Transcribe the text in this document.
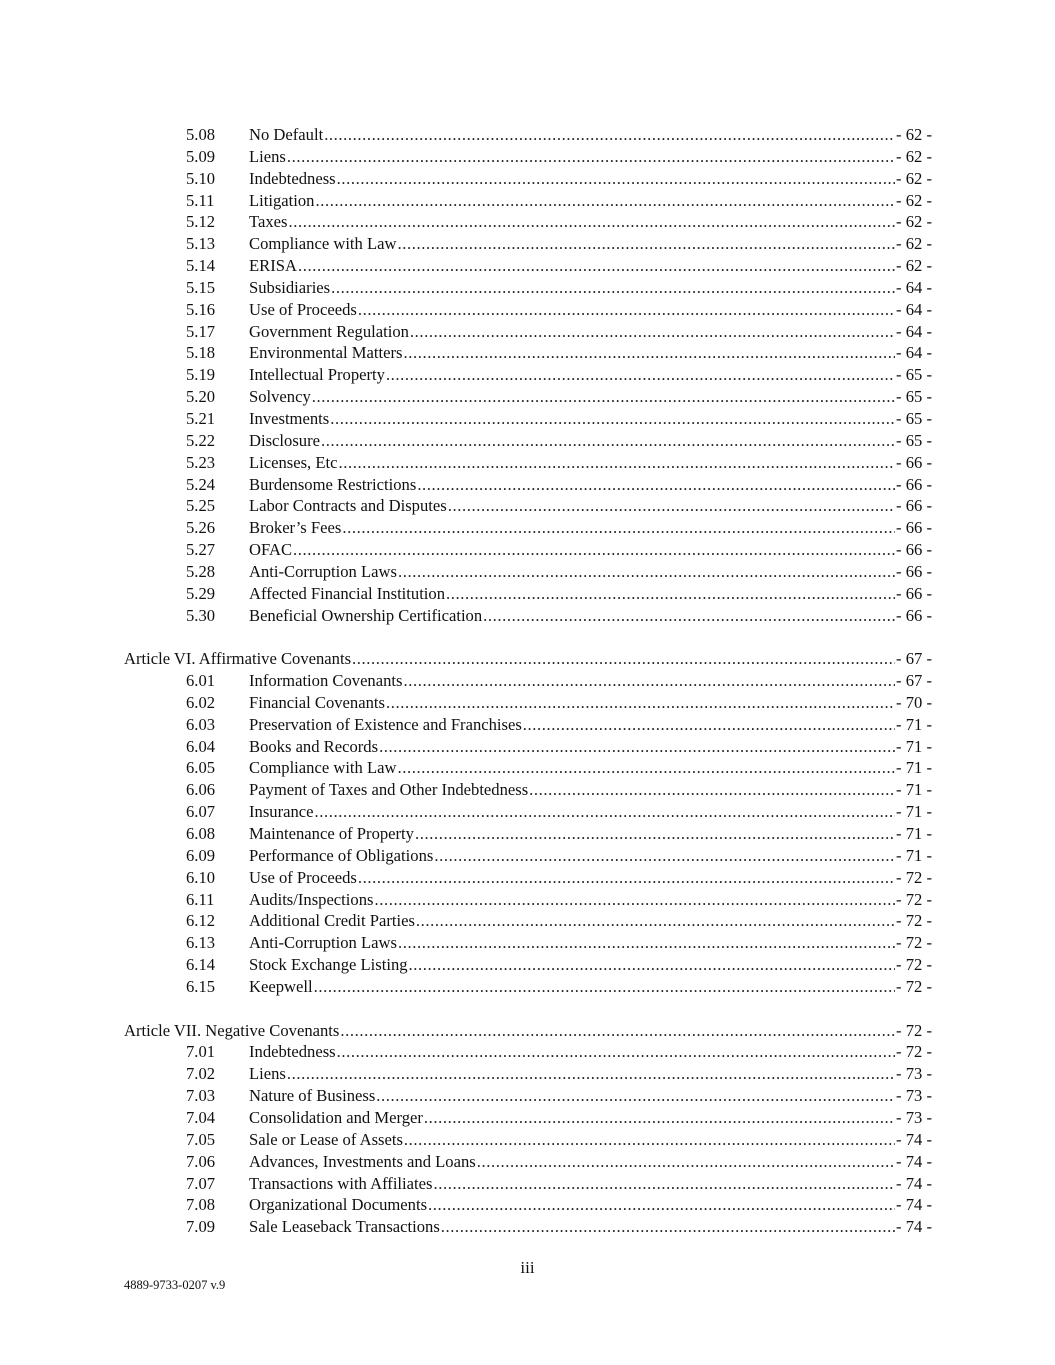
5.08 No Default .....	- 62 -
5.09 Liens .....	- 62 -
5.10 Indebtedness .....	- 62 -
5.11 Litigation .....	- 62 -
5.12 Taxes .....	- 62 -
5.13 Compliance with Law .....	- 62 -
5.14 ERISA .....	- 62 -
5.15 Subsidiaries .....	- 64 -
5.16 Use of Proceeds .....	- 64 -
5.17 Government Regulation .....	- 64 -
5.18 Environmental Matters .....	- 64 -
5.19 Intellectual Property .....	- 65 -
5.20 Solvency .....	- 65 -
5.21 Investments .....	- 65 -
5.22 Disclosure .....	- 65 -
5.23 Licenses, Etc .....	- 66 -
5.24 Burdensome Restrictions .....	- 66 -
5.25 Labor Contracts and Disputes .....	- 66 -
5.26 Broker’s Fees .....	- 66 -
5.27 OFAC .....	- 66 -
5.28 Anti-Corruption Laws .....	- 66 -
5.29 Affected Financial Institution .....	- 66 -
5.30 Beneficial Ownership Certification .....	- 66 -
Article VI. Affirmative Covenants .....	- 67 -
6.01 Information Covenants .....	- 67 -
6.02 Financial Covenants .....	- 70 -
6.03 Preservation of Existence and Franchises .....	- 71 -
6.04 Books and Records .....	- 71 -
6.05 Compliance with Law .....	- 71 -
6.06 Payment of Taxes and Other Indebtedness .....	- 71 -
6.07 Insurance .....	- 71 -
6.08 Maintenance of Property .....	- 71 -
6.09 Performance of Obligations .....	- 71 -
6.10 Use of Proceeds .....	- 72 -
6.11 Audits/Inspections .....	- 72 -
6.12 Additional Credit Parties .....	- 72 -
6.13 Anti-Corruption Laws .....	- 72 -
6.14 Stock Exchange Listing .....	- 72 -
6.15 Keepwell .....	- 72 -
Article VII. Negative Covenants .....	- 72 -
7.01 Indebtedness .....	- 72 -
7.02 Liens .....	- 73 -
7.03 Nature of Business .....	- 73 -
7.04 Consolidation and Merger .....	- 73 -
7.05 Sale or Lease of Assets .....	- 74 -
7.06 Advances, Investments and Loans .....	- 74 -
7.07 Transactions with Affiliates .....	- 74 -
7.08 Organizational Documents .....	- 74 -
7.09 Sale Leaseback Transactions .....	- 74 -
iii
4889-9733-0207 v.9
